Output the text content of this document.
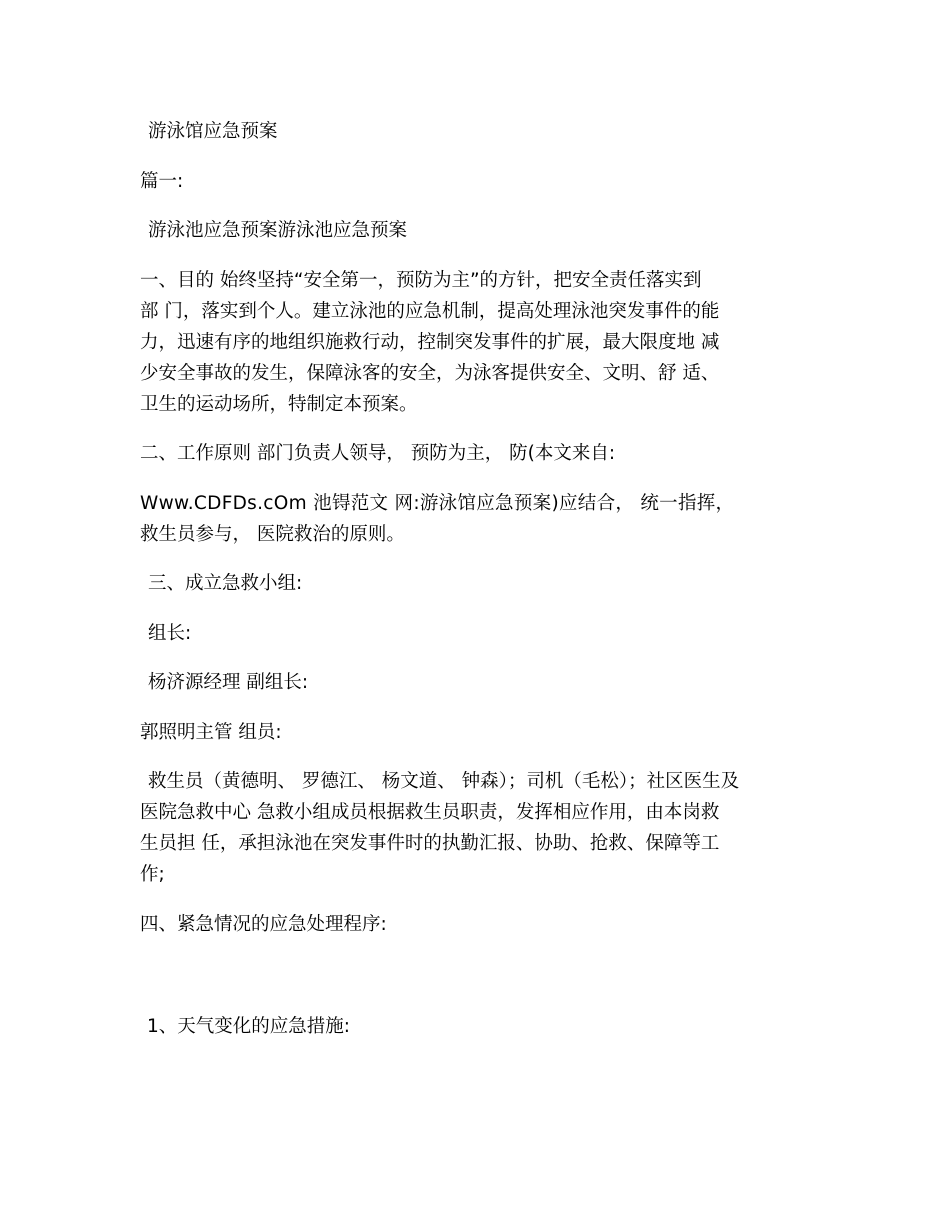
游泳馆应急预案

篇一:

游泳池应急预案游泳池应急预案

一、目的 始终坚持“安全第一，预防为主”的方针，把安全责任落实到

部 门，落实到个人。建立泳池的应急机制，提高处理泳池突发事件的能

力，迅速有序的地组织施救行动，控制突发事件的扩展，最大限度地 减

少安全事故的发生，保障泳客的安全，为泳客提供安全、文明、舒 适、

卫生的运动场所，特制定本预案。

二、工作原则 部门负责人领导， 预防为主， 防(本文来自:

Www.CDFDs.cOm 池锝范文 网:游泳馆应急预案)应结合， 统一指挥，

救生员参与， 医院救治的原则。

三、成立急救小组:

组长:

杨济源经理 副组长:

郭照明主管 组员:

救生员（黄德明、 罗德江、 杨文道、 钟森）；司机（毛松）；社区医生及

医院急救中心 急救小组成员根据救生员职责，发挥相应作用，由本岗救

生员担 任，承担泳池在突发事件时的执勤汇报、协助、抢救、保障等工

作;

四、紧急情况的应急处理程序:

1、天气变化的应急措施:
